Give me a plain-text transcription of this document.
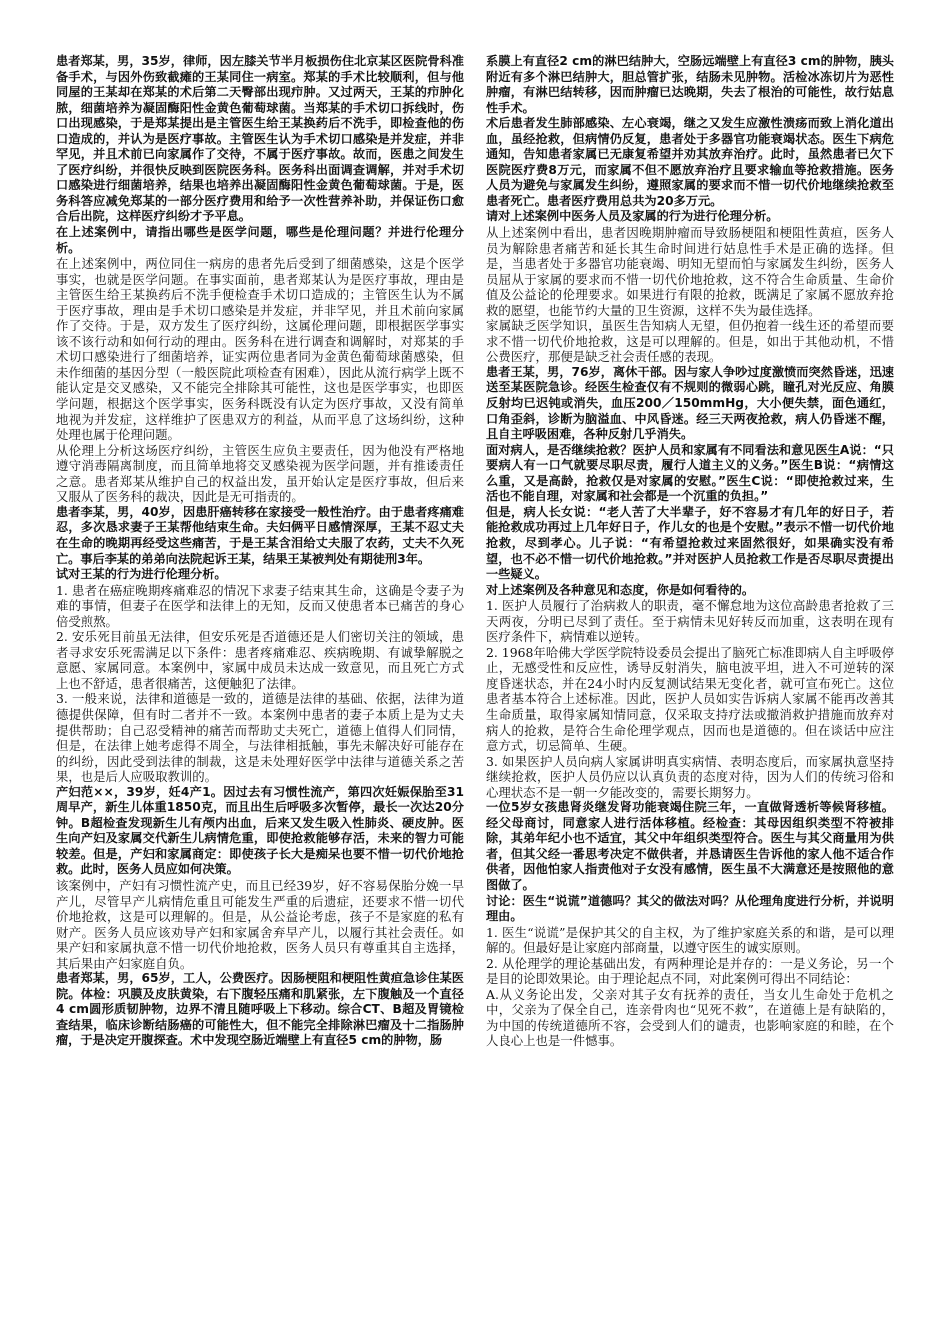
患者郑某，男，35岁，律师，因左膝关节半月板损伤住北京某区医院骨科准备手术，与因外伤致截瘫的王某同住一病室。郑某的手术比较顺利，但与他同屋的王某却在郑某的术后第二天臀部出现疖肿。又过两天，王某的疖肿化脓，细菌培养为凝固酶阳性金黄色葡萄球菌。当郑某的手术切口拆线时，伤口出现感染，于是郑某提出是主管医生给王某换药后不洗手，即检查他的伤口造成的，并认为是医疗事故。主管医生认为手术切口感染是并发症，并非罕见，并且术前已向家属作了交待，不属于医疗事故。故而，医患之间发生了医疗纠纷，并很快反映到医院医务科。医务科出面调查调解，并对手术切口感染进行细菌培养，结果也培养出凝固酶阳性金黄色葡萄球菌。于是，医务科答应减免郑某的一部分医疗费用和给予一次性营养补助，并保证伤口愈合后出院，这样医疗纠纷才予平息。

在上述案例中，请指出哪些是医学问题，哪些是伦理问题？并进行伦理分析。

在上述案例中，两位同住一病房的患者先后受到了细菌感染，这是个医学事实，也就是医学问题。在事实面前，患者郑某认为是医疗事故，理由是主管医生给王某换药后不洗手便检查手术切口造成的；主管医生认为不属于医疗事故，理由是手术切口感染是并发症，并非罕见，并且术前向家属作了交待。于是，双方发生了医疗纠纷，这属伦理问题，即根据医学事实该不该行动和如何行动的理由。医务科在进行调查和调解时，对郑某的手术切口感染进行了细菌培养，证实两位患者同为金黄色葡萄球菌感染，但未作细菌的基因分型（一般医院此项检查有困难），因此从流行病学上既不能认定是交叉感染，又不能完全排除其可能性，这也是医学事实，也即医学问题，根据这个医学事实，医务科既没有认定为医疗事故，又没有简单地视为并发症，这样维护了医患双方的利益，从而平息了这场纠纷，这种处理也属于伦理问题。

从伦理上分析这场医疗纠纷，主管医生应负主要责任，因为他没有严格地遵守消毒隔离制度，而且简单地将交叉感染视为医学问题，并有推诿责任之意。患者郑某从维护自己的权益出发，虽开始认定是医疗事故，但后来又服从了医务科的裁决，因此是无可指责的。

患者李某，男，40岁，因患肝癌转移在家接受一般性治疗。由于患者疼痛难忍，多次恳求妻子王某帮他结束生命。夫妇俩平日感情深厚，王某不忍丈夫在生命的晚期再经受这些痛苦，于是王某含泪给丈夫服了农药，丈夫不久死亡。事后李某的弟弟向法院起诉王某，结果王某被判处有期徒刑3年。

试对王某的行为进行伦理分析。

1. 患者在癌症晚期疼痛难忍的情况下求妻子结束其生命，这确是令妻子为难的事情，但妻子在医学和法律上的无知，反而又使患者本已痛苦的身心倍受煎熬。

2. 安乐死目前虽无法律，但安乐死是否道德还是人们密切关注的领域，患者寻求安乐死需满足以下条件：患者疼痛难忍、疾病晚期、有诚挚解脱之意愿、家属同意。本案例中，家属中成员未达成一致意见，而且死亡方式上也不舒适，患者很痛苦，这便触犯了法律。

3. 一般来说，法律和道德是一致的，道德是法律的基础、依据，法律为道德提供保障，但有时二者并不一致。本案例中患者的妻子本质上是为丈夫提供帮助；自己忍受精神的痛苦而帮助丈夫死亡，道德上值得人们同情，但是，在法律上她考虑得不周全，与法律相抵触，事先未解决好可能存在的纠纷，因此受到法律的制裁，这是未处理好医学中法律与道德关系之苦果，也是后人应吸取教训的。

产妇范××，39岁，妊4产1。因过去有习惯性流产，第四次妊娠保胎至31周早产，新生儿体重1850克，而且出生后呼吸多次暂停，最长一次达20分钟。B超检查发现新生儿有颅内出血，后来又发生吸入性肺炎、硬皮肿。医生向产妇及家属交代新生儿病情危重，即使抢救能够存活，未来的智力可能较差。但是，产妇和家属商定：即使孩子长大是痴呆也要不惜一切代价地抢救。此时，医务人员应如何决策。

该案例中，产妇有习惯性流产史，而且已经39岁，好不容易保胎分娩一早产儿，尽管早产儿病情危重且可能发生严重的后遗症，还要求不惜一切代价地抢救，这是可以理解的。但是，从公益论考虑，孩子不是家庭的私有财产。医务人员应该劝导产妇和家属舍弃早产儿，以履行其社会责任。如果产妇和家属执意不惜一切代价地抢救，医务人员只有尊重其自主选择，其后果由产妇家庭自负。

患者郑某，男，65岁，工人，公费医疗。因肠梗阻和梗阻性黄疸急诊住某医院。体检：巩膜及皮肤黄染，右下腹轻压痛和肌紧张，左下腹触及一个直径4 cm圆形质韧肿物，边界不清且随呼吸上下移动。综合CT、B超及胃镜检查结果，临床诊断结肠癌的可能性大，但不能完全排除淋巴瘤及十二指肠肿瘤，于是决定开腹探查。术中发现空肠近端壁上有直径5 cm的肿物，肠

系膜上有直径2 cm的淋巴结肿大，空肠远端壁上有直径3 cm的肿物，胰头附近有多个淋巴结肿大，胆总管扩张，结肠未见肿物。活检冰冻切片为恶性肿瘤，有淋巴结转移，因而肿瘤已达晚期，失去了根治的可能性，故行姑息性手术。

术后患者发生肺部感染、左心衰竭，继之又发生应激性溃疡而致上消化道出血，虽经抢救，但病情仍反复，患者处于多器官功能衰竭状态。医生下病危通知，告知患者家属已无康复希望并劝其放弃治疗。此时，虽然患者已欠下医院医疗费8万元，而家属不但不愿放弃治疗且要求输血等抢救措施。医务人员为避免与家属发生纠纷，遵照家属的要求而不惜一切代价地继续抢救至患者死亡。患者医疗费用总共为20多万元。

请对上述案例中医务人员及家属的行为进行伦理分析。

从上述案例中看出，患者因晚期肿瘤而导致肠梗阻和梗阻性黄疸，医务人员为解除患者痛苦和延长其生命时间进行姑息性手术是正确的选择。但是，当患者处于多器官功能衰竭、明知无望而怕与家属发生纠纷，医务人员屈从于家属的要求而不惜一切代价地抢救，这不符合生命质量、生命价值及公益论的伦理要求。如果进行有限的抢救，既满足了家属不愿放弃抢救的愿望，也能节约大量的卫生资源，这样不失为最佳选择。

家属缺乏医学知识，虽医生告知病人无望，但仍抱着一线生还的希望而要求不惜一切代价地抢救，这是可以理解的。但是，如出于其他动机，不惜公费医疗，那便是缺乏社会责任感的表现。

患者王某，男，76岁，离休干部。因与家人争吵过度激愤而突然昏迷，迅速送至某医院急诊。经医生检查仅有不规则的微弱心跳，瞳孔对光反应、角膜反射均已迟钝或消失，血压200／150mmHg，大小便失禁，面色通红，口角歪斜，诊断为脑溢血、中风昏迷。经三天两夜抢救，病人仍昏迷不醒，且自主呼吸困难，各种反射几乎消失。

面对病人，是否继续抢救？医护人员和家属有不同看法和意见医生A说：“只要病人有一口气就要尽职尽责，履行人道主义的义务。”医生B说：“病情这么重，又是高龄，抢救仅是对家属的安慰。”医生C说：“即使抢救过来，生活也不能自理，对家属和社会都是一个沉重的负担。”

但是，病人长女说：“老人苦了大半辈子，好不容易才有几年的好日子，若能抢救成功再过上几年好日子，作儿女的也是个安慰。”表示不惜一切代价地抢救，尽到孝心。儿子说：“有希望抢救过来固然很好，如果确实没有希望，也不必不惜一切代价地抢救。”并对医护人员抢救工作是否尽职尽责提出一些疑义。

对上述案例及各种意见和态度，你是如何看待的。

1. 医护人员履行了治病救人的职责，毫不懈怠地为这位高龄患者抢救了三天两夜，分明已尽到了责任。至于病情未见好转反而加重，这表明在现有医疗条件下，病情难以逆转。

2. 1968年哈佛大学医学院特设委员会提出了脑死亡标准即病人自主呼吸停止，无感受性和反应性，诱导反射消失，脑电波平坦，进入不可逆转的深度昏迷状态，并在24小时内反复测试结果无变化者，就可宣布死亡。这位患者基本符合上述标准。因此，医护人员如实告诉病人家属不能再改善其生命质量，取得家属知情同意，仅采取支持疗法或撤消救护措施而放弃对病人的抢救，是符合生命伦理学观点，因而也是道德的。但在谈话中应注意方式，切忌简单、生硬。

3. 如果医护人员向病人家属讲明真实病情、表明态度后，而家属执意坚持继续抢救，医护人员仍应以认真负责的态度对待，因为人们的传统习俗和心理状态不是一朝一夕能改变的，需要长期努力。

一位5岁女孩患肾炎继发肾功能衰竭住院三年，一直做肾透析等候肾移植。经父母商讨，同意家人进行活体移植。经检查：其母因组织类型不符被排除，其弟年纪小也不适宜，其父中年组织类型符合。医生与其父商量用为供者，但其父经一番思考决定不做供者，并恳请医生告诉他的家人他不适合作供者，因他怕家人指责他对子女没有感情，医生虽不大满意还是按照他的意图做了。

讨论：医生“说谎”道德吗？其父的做法对吗？从伦理角度进行分析，并说明理由。

1. 医生“说谎”是保护其父的自主权，为了维护家庭关系的和谐，是可以理解的。但最好是让家庭内部商量，以遵守医生的诚实原则。

2. 从伦理学的理论基础出发，有两种理论是并存的：一是义务论，另一个是目的论即效果论。由于理论起点不同，对此案例可得出不同结论：

A.从义务论出发，父亲对其子女有抚养的责任，当女儿生命处于危机之中，父亲为了保全自己，连亲骨肉也“见死不救”，在道德上是有缺陷的，为中国的传统道德所不容，会受到人们的谴责，也影响家庭的和睦，在个人良心上也是一件憾事。
